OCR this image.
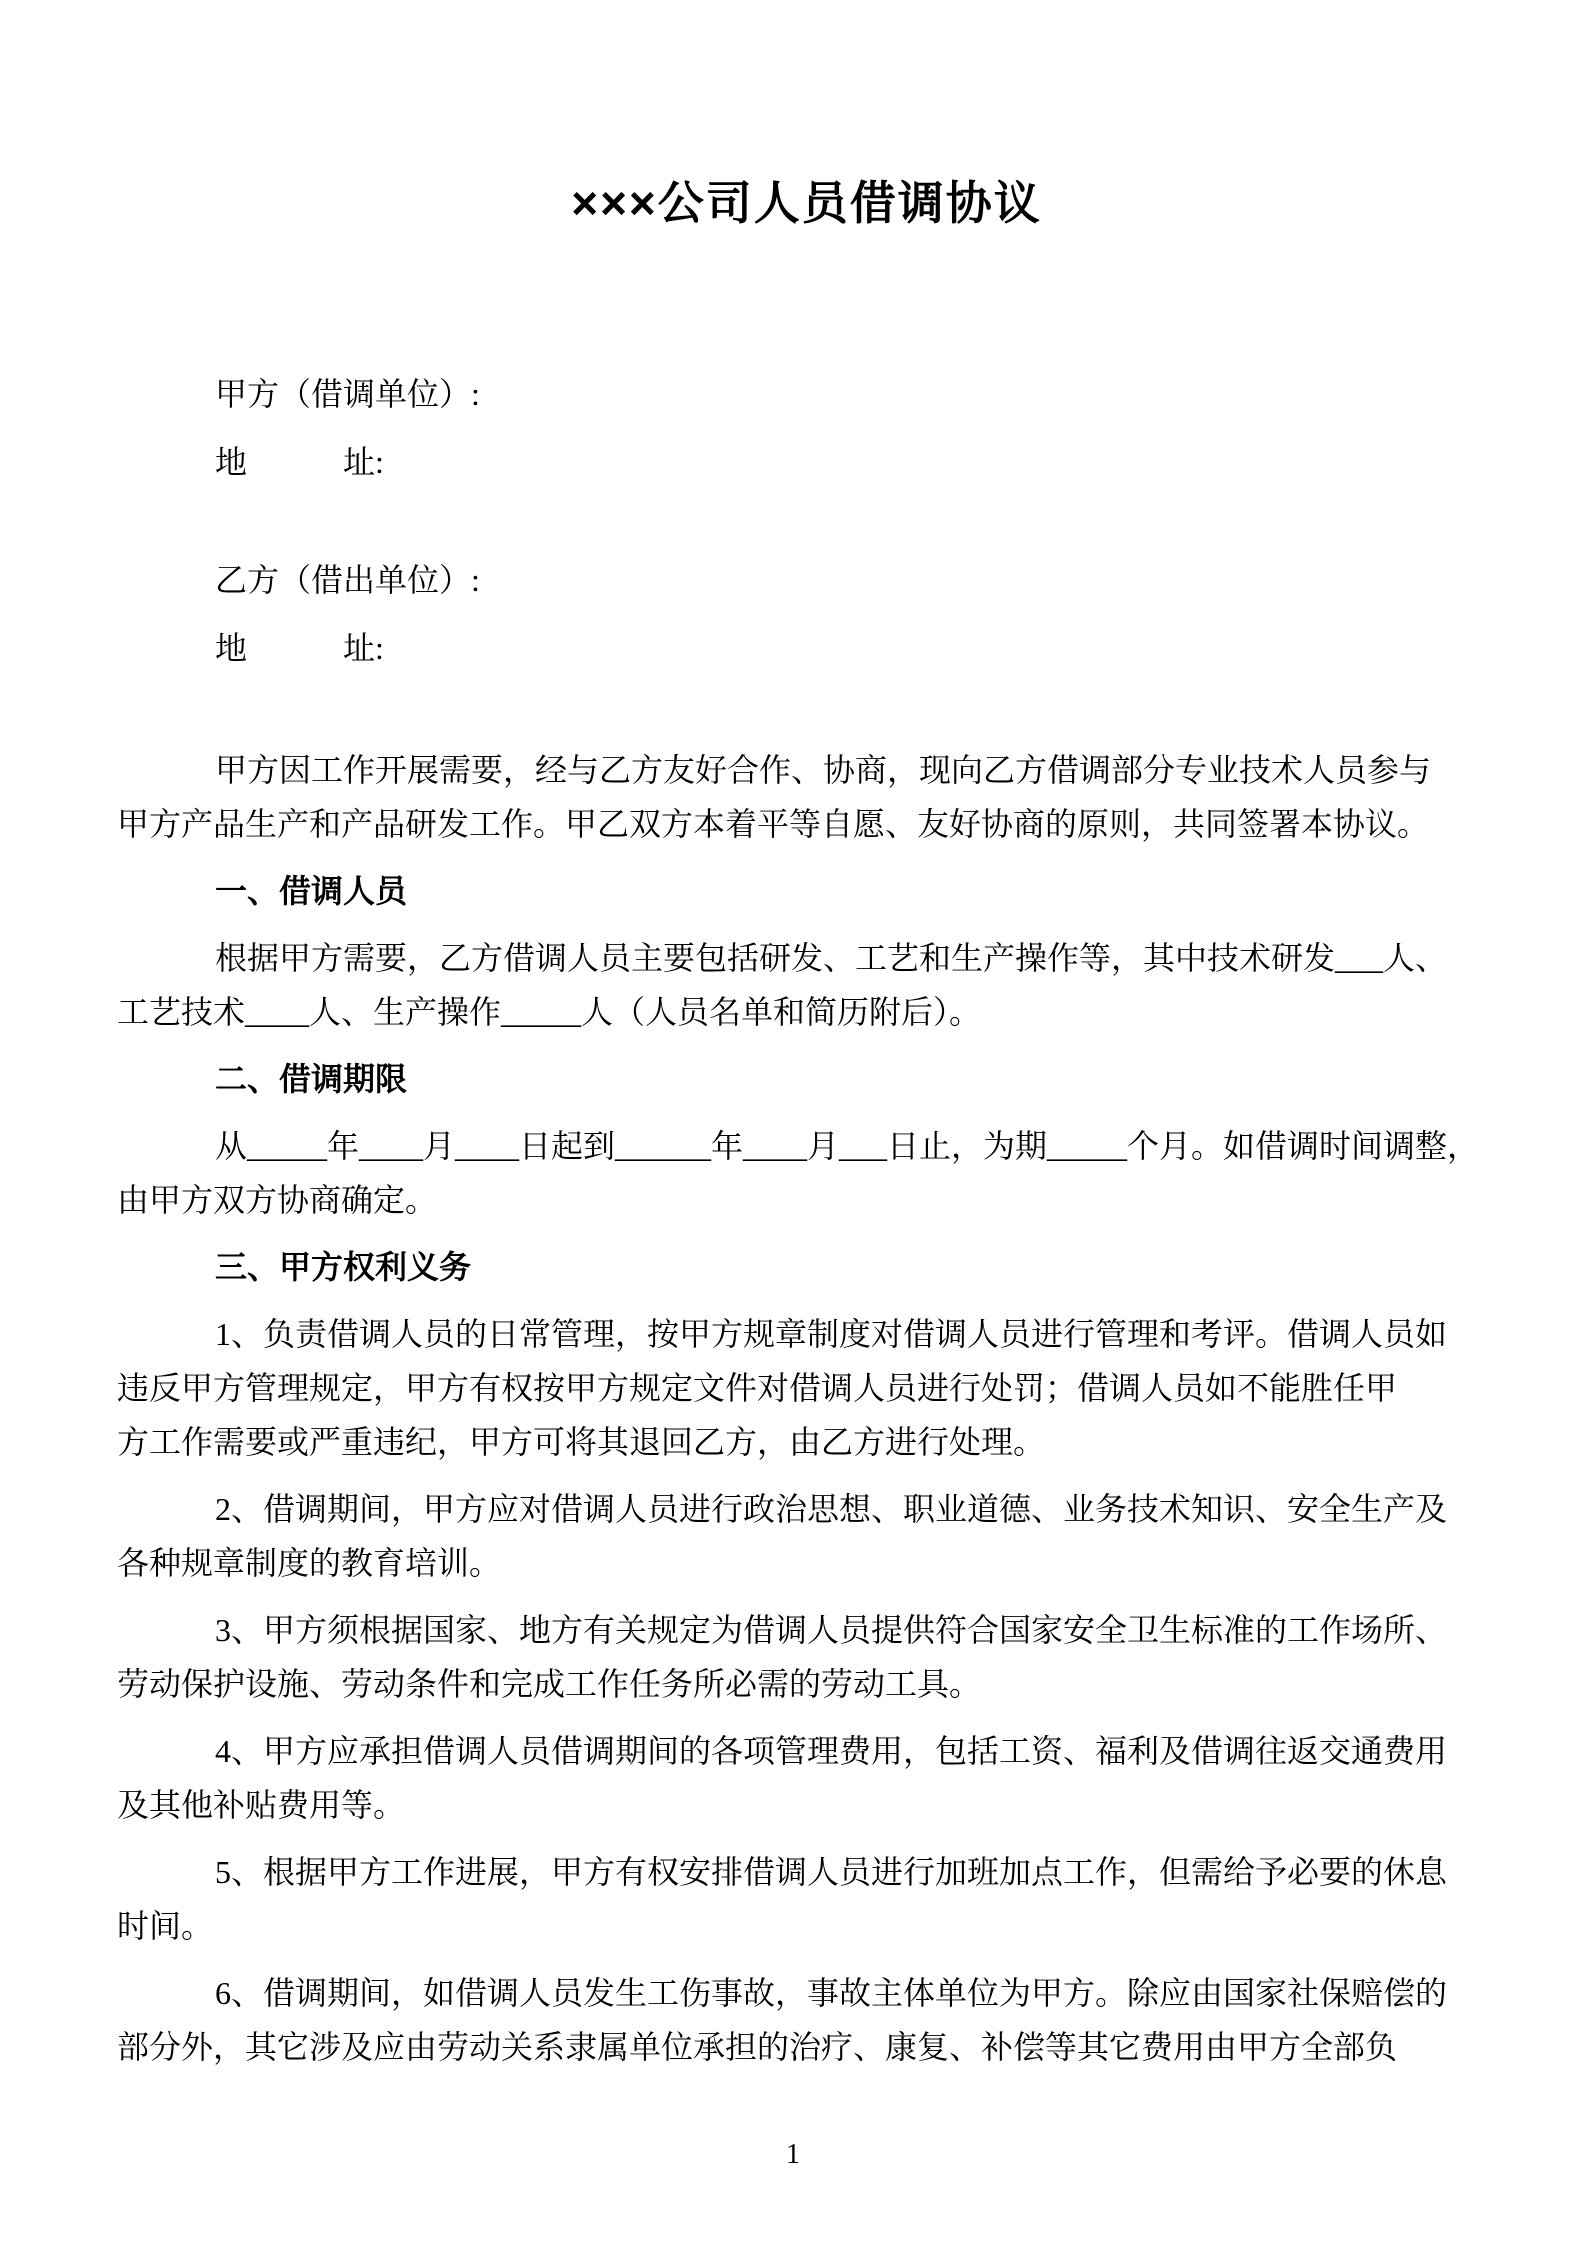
×××公司人员借调协议
甲方（借调单位）:
地　　　址:
乙方（借出单位）:
地　　　址:
甲方因工作开展需要，经与乙方友好合作、协商，现向乙方借调部分专业技术人员参与
甲方产品生产和产品研发工作。甲乙双方本着平等自愿、友好协商的原则，共同签署本协议。
一、借调人员
根据甲方需要，乙方借调人员主要包括研发、工艺和生产操作等，其中技术研发___人、
工艺技术____人、生产操作_____人（人员名单和简历附后）。
二、借调期限
从_____年____月____日起到______年____月___日止，为期_____个月。如借调时间调整，
由甲方双方协商确定。
三、甲方权利义务
1、负责借调人员的日常管理，按甲方规章制度对借调人员进行管理和考评。借调人员如
违反甲方管理规定，甲方有权按甲方规定文件对借调人员进行处罚；借调人员如不能胜任甲
方工作需要或严重违纪，甲方可将其退回乙方，由乙方进行处理。
2、借调期间，甲方应对借调人员进行政治思想、职业道德、业务技术知识、安全生产及
各种规章制度的教育培训。
3、甲方须根据国家、地方有关规定为借调人员提供符合国家安全卫生标准的工作场所、
劳动保护设施、劳动条件和完成工作任务所必需的劳动工具。
4、甲方应承担借调人员借调期间的各项管理费用，包括工资、福利及借调往返交通费用
及其他补贴费用等。
5、根据甲方工作进展，甲方有权安排借调人员进行加班加点工作，但需给予必要的休息
时间。
6、借调期间，如借调人员发生工伤事故，事故主体单位为甲方。除应由国家社保赔偿的
部分外，其它涉及应由劳动关系隶属单位承担的治疗、康复、补偿等其它费用由甲方全部负
1
